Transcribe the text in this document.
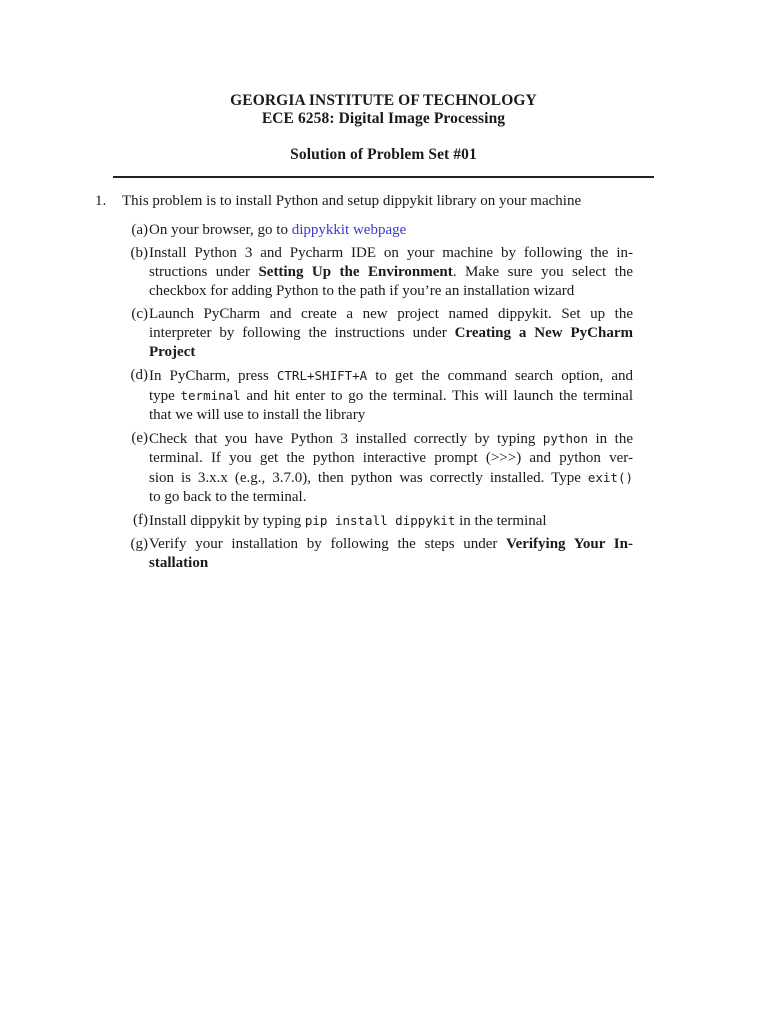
GEORGIA INSTITUTE OF TECHNOLOGY
ECE 6258: Digital Image Processing
Solution of Problem Set #01
1.	This problem is to install Python and setup dippykit library on your machine
(a) On your browser, go to dippykkit webpage
(b) Install Python 3 and Pycharm IDE on your machine by following the in-
structions under Setting Up the Environment. Make sure you select the
checkbox for adding Python to the path if you’re an installation wizard
(c) Launch PyCharm and create a new project named dippykit. Set up the
interpreter by following the instructions under Creating a New PyCharm
Project
(d) In PyCharm, press CTRL+SHIFT+A to get the command search option, and
type terminal and hit enter to go the terminal. This will launch the terminal
that we will use to install the library
(e) Check that you have Python 3 installed correctly by typing python in the
terminal. If you get the python interactive prompt (>>>) and python ver-
sion is 3.x.x (e.g., 3.7.0), then python was correctly installed. Type exit()
to go back to the terminal.
(f) Install dippykit by typing pip install dippykit in the terminal
(g) Verify your installation by following the steps under Verifying Your In-
stallation
